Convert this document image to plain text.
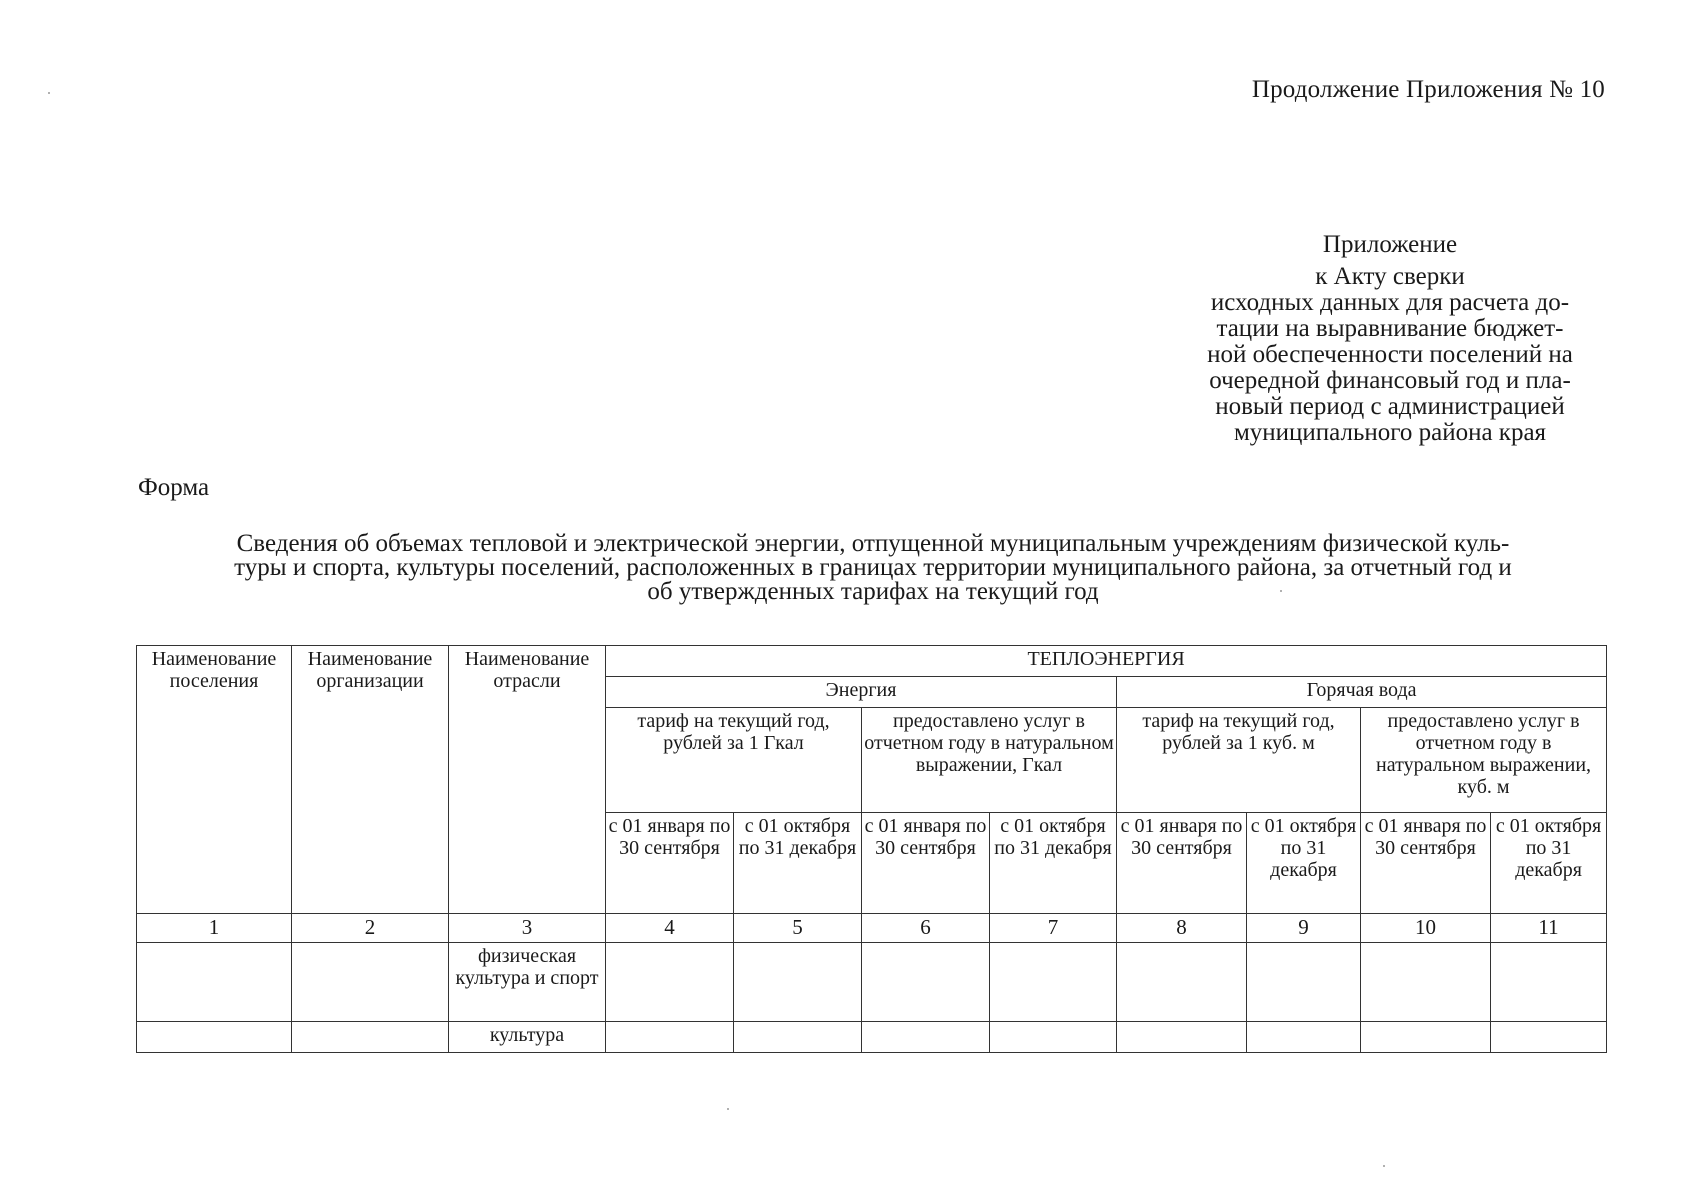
Продолжение Приложения № 10
Приложение
к Акту сверки
исходных данных для расчета до-
тации на выравнивание бюджет-
ной обеспеченности поселений на
очередной финансовый год и пла-
новый период с администрацией
муниципального района края
Форма
Сведения об объемах тепловой и электрической энергии, отпущенной муниципальным учреждениям физической куль-
туры и спорта, культуры поселений, расположенных в границах территории муниципального района, за отчетный год и
об утвержденных тарифах на текущий год
Наименование поселения	Наименование организации	Наименование отрасли	ТЕПЛОЭНЕРГИЯ							
			Энергия				Горячая вода			
			тариф на текущий год, рублей за 1 Гкал		предоставлено услуг в отчетном году в натуральном выражении, Гкал		тариф на текущий год, рублей за 1 куб. м		предоставлено услуг в отчетном году в натуральном выражении, куб. м	
			с 01 января по 30 сентября	с 01 октября по 31 декабря	с 01 января по 30 сентября	с 01 октября по 31 декабря	с 01 января по 30 сентября	с 01 октября по 31 декабря	с 01 января по 30 сентября	с 01 октября по 31 декабря
1	2	3	4	5	6	7	8	9	10	11
		физическая культура и спорт								
		культура								
